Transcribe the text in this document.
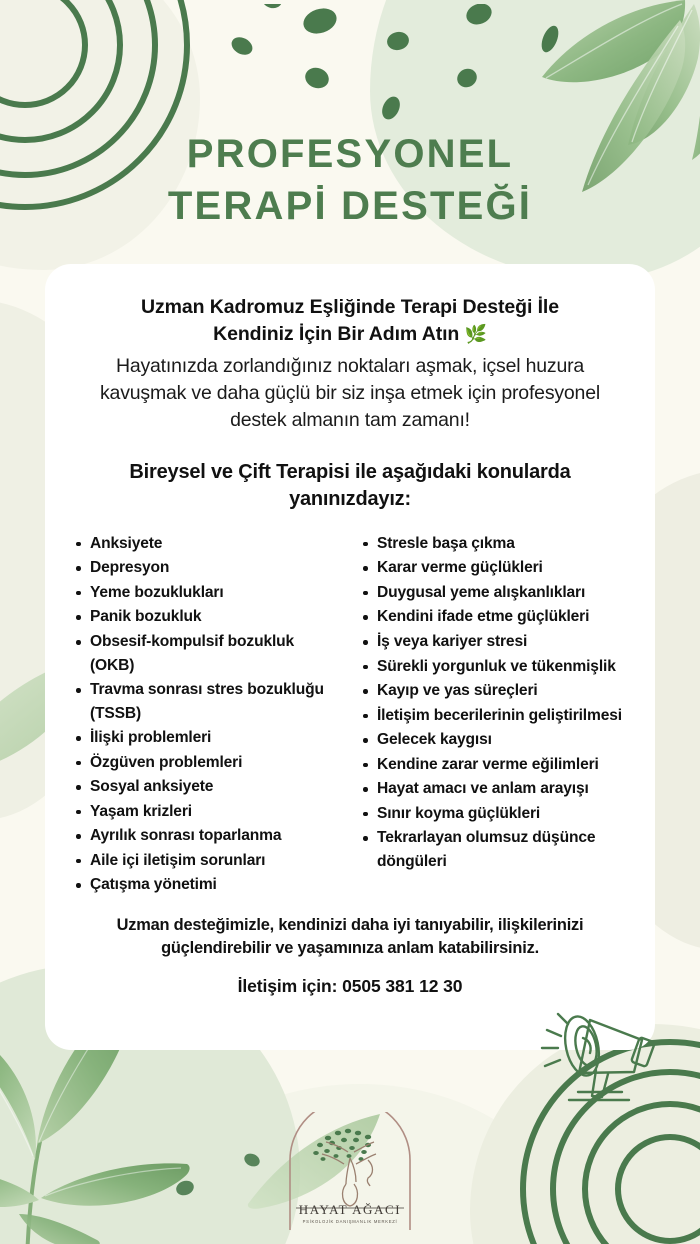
PROFESYONEL
TERAPİ DESTEĞİ
Uzman Kadromuz Eşliğinde Terapi Desteği İle
Kendiniz İçin Bir Adım Atın 🌿

Hayatınızda zorlandığınız noktaları aşmak, içsel huzura kavuşmak ve daha güçlü bir siz inşa etmek için profesyonel destek almanın tam zamanı!

Bireysel ve Çift Terapisi ile aşağıdaki konularda yanınızdayız:

Anksiyete
Depresyon
Yeme bozuklukları
Panik bozukluk
Obsesif-kompulsif bozukluk (OKB)
Travma sonrası stres bozukluğu (TSSB)
İlişki problemleri
Özgüven problemleri
Sosyal anksiyete
Yaşam krizleri
Ayrılık sonrası toparlanma
Aile içi iletişim sorunları
Çatışma yönetimi
Stresle başa çıkma
Karar verme güçlükleri
Duygusal yeme alışkanlıkları
Kendini ifade etme güçlükleri
İş veya kariyer stresi
Sürekli yorgunluk ve tükenmişlik
Kayıp ve yas süreçleri
İletişim becerilerinin geliştirilmesi
Gelecek kaygısı
Kendine zarar verme eğilimleri
Hayat amacı ve anlam arayışı
Sınır koyma güçlükleri
Tekrarlayan olumsuz düşünce döngüleri

Uzman desteğimizle, kendinizi daha iyi tanıyabilir, ilişkilerinizi güçlendirebilir ve yaşamınıza anlam katabilirsiniz.

İletişim için: 0505 381 12 30

HAYAT AĞACI
PSİKOLOJİK DANIŞMANLIK MERKEZİ
